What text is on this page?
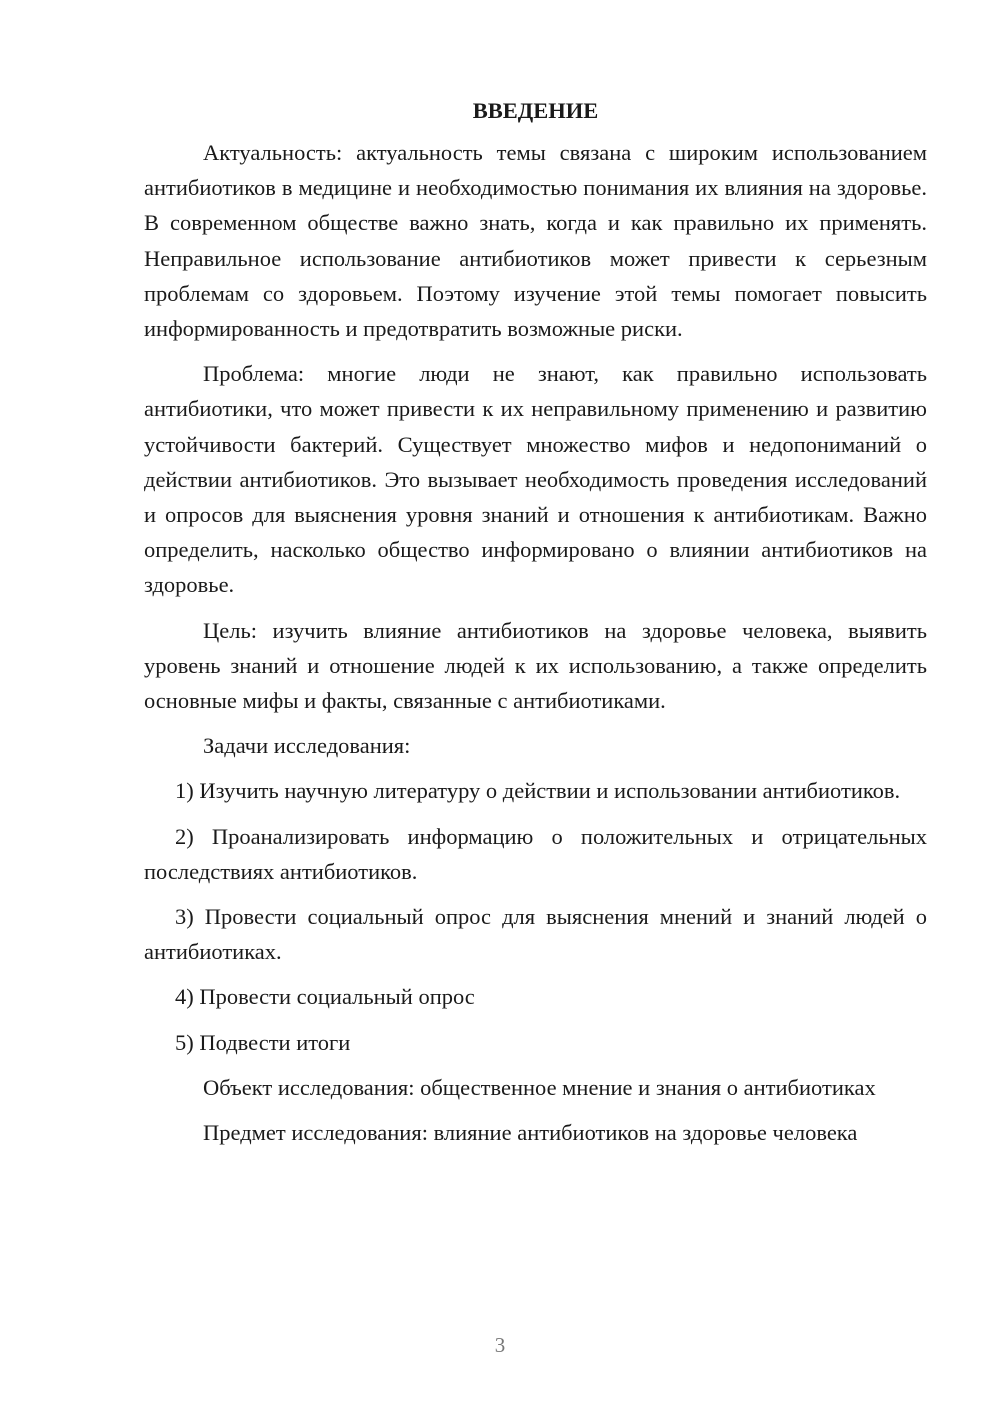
ВВЕДЕНИЕ

Актуальность: актуальность темы связана с широким использованием антибиотиков в медицине и необходимостью понимания их влияния на здоровье. В современном обществе важно знать, когда и как правильно их применять. Неправильное использование антибиотиков может привести к серьезным проблемам со здоровьем. Поэтому изучение этой темы помогает повысить информированность и предотвратить возможные риски.

Проблема: многие люди не знают, как правильно использовать антибиотики, что может привести к их неправильному применению и развитию устойчивости бактерий. Существует множество мифов и недопониманий о действии антибиотиков. Это вызывает необходимость проведения исследований и опросов для выяснения уровня знаний и отношения к антибиотикам. Важно определить, насколько общество информировано о влиянии антибиотиков на здоровье.

Цель: изучить влияние антибиотиков на здоровье человека, выявить уровень знаний и отношение людей к их использованию, а также определить основные мифы и факты, связанные с антибиотиками.

Задачи исследования:

1) Изучить научную литературу о действии и использовании антибиотиков.

2) Проанализировать информацию о положительных и отрицательных последствиях антибиотиков.

3) Провести социальный опрос для выяснения мнений и знаний людей о антибиотиках.

4) Провести социальный опрос

5) Подвести итоги

Объект исследования: общественное мнение и знания о антибиотиках

Предмет исследования: влияние антибиотиков на здоровье человека

3
